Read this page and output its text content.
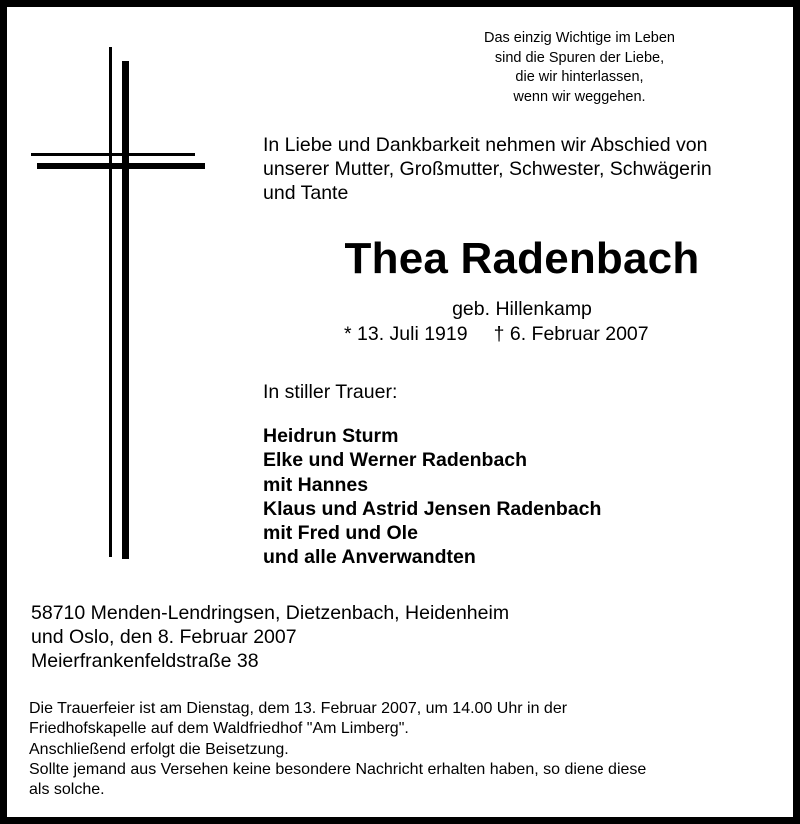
Das einzig Wichtige im Leben
sind die Spuren der Liebe,
die wir hinterlassen,
wenn wir weggehen.
In Liebe und Dankbarkeit nehmen wir Abschied von
unserer Mutter, Großmutter, Schwester, Schwägerin
und Tante
Thea Radenbach
geb. Hillenkamp
* 13. Juli 1919 † 6. Februar 2007
In stiller Trauer:
Heidrun Sturm
Elke und Werner Radenbach
mit Hannes
Klaus und Astrid Jensen Radenbach
mit Fred und Ole
und alle Anverwandten
58710 Menden-Lendringsen, Dietzenbach, Heidenheim
und Oslo, den 8. Februar 2007
Meierfrankenfeldstraße 38
Die Trauerfeier ist am Dienstag, dem 13. Februar 2007, um 14.00 Uhr in der
Friedhofskapelle auf dem Waldfriedhof "Am Limberg".
Anschließend erfolgt die Beisetzung.
Sollte jemand aus Versehen keine besondere Nachricht erhalten haben, so diene diese
als solche.
